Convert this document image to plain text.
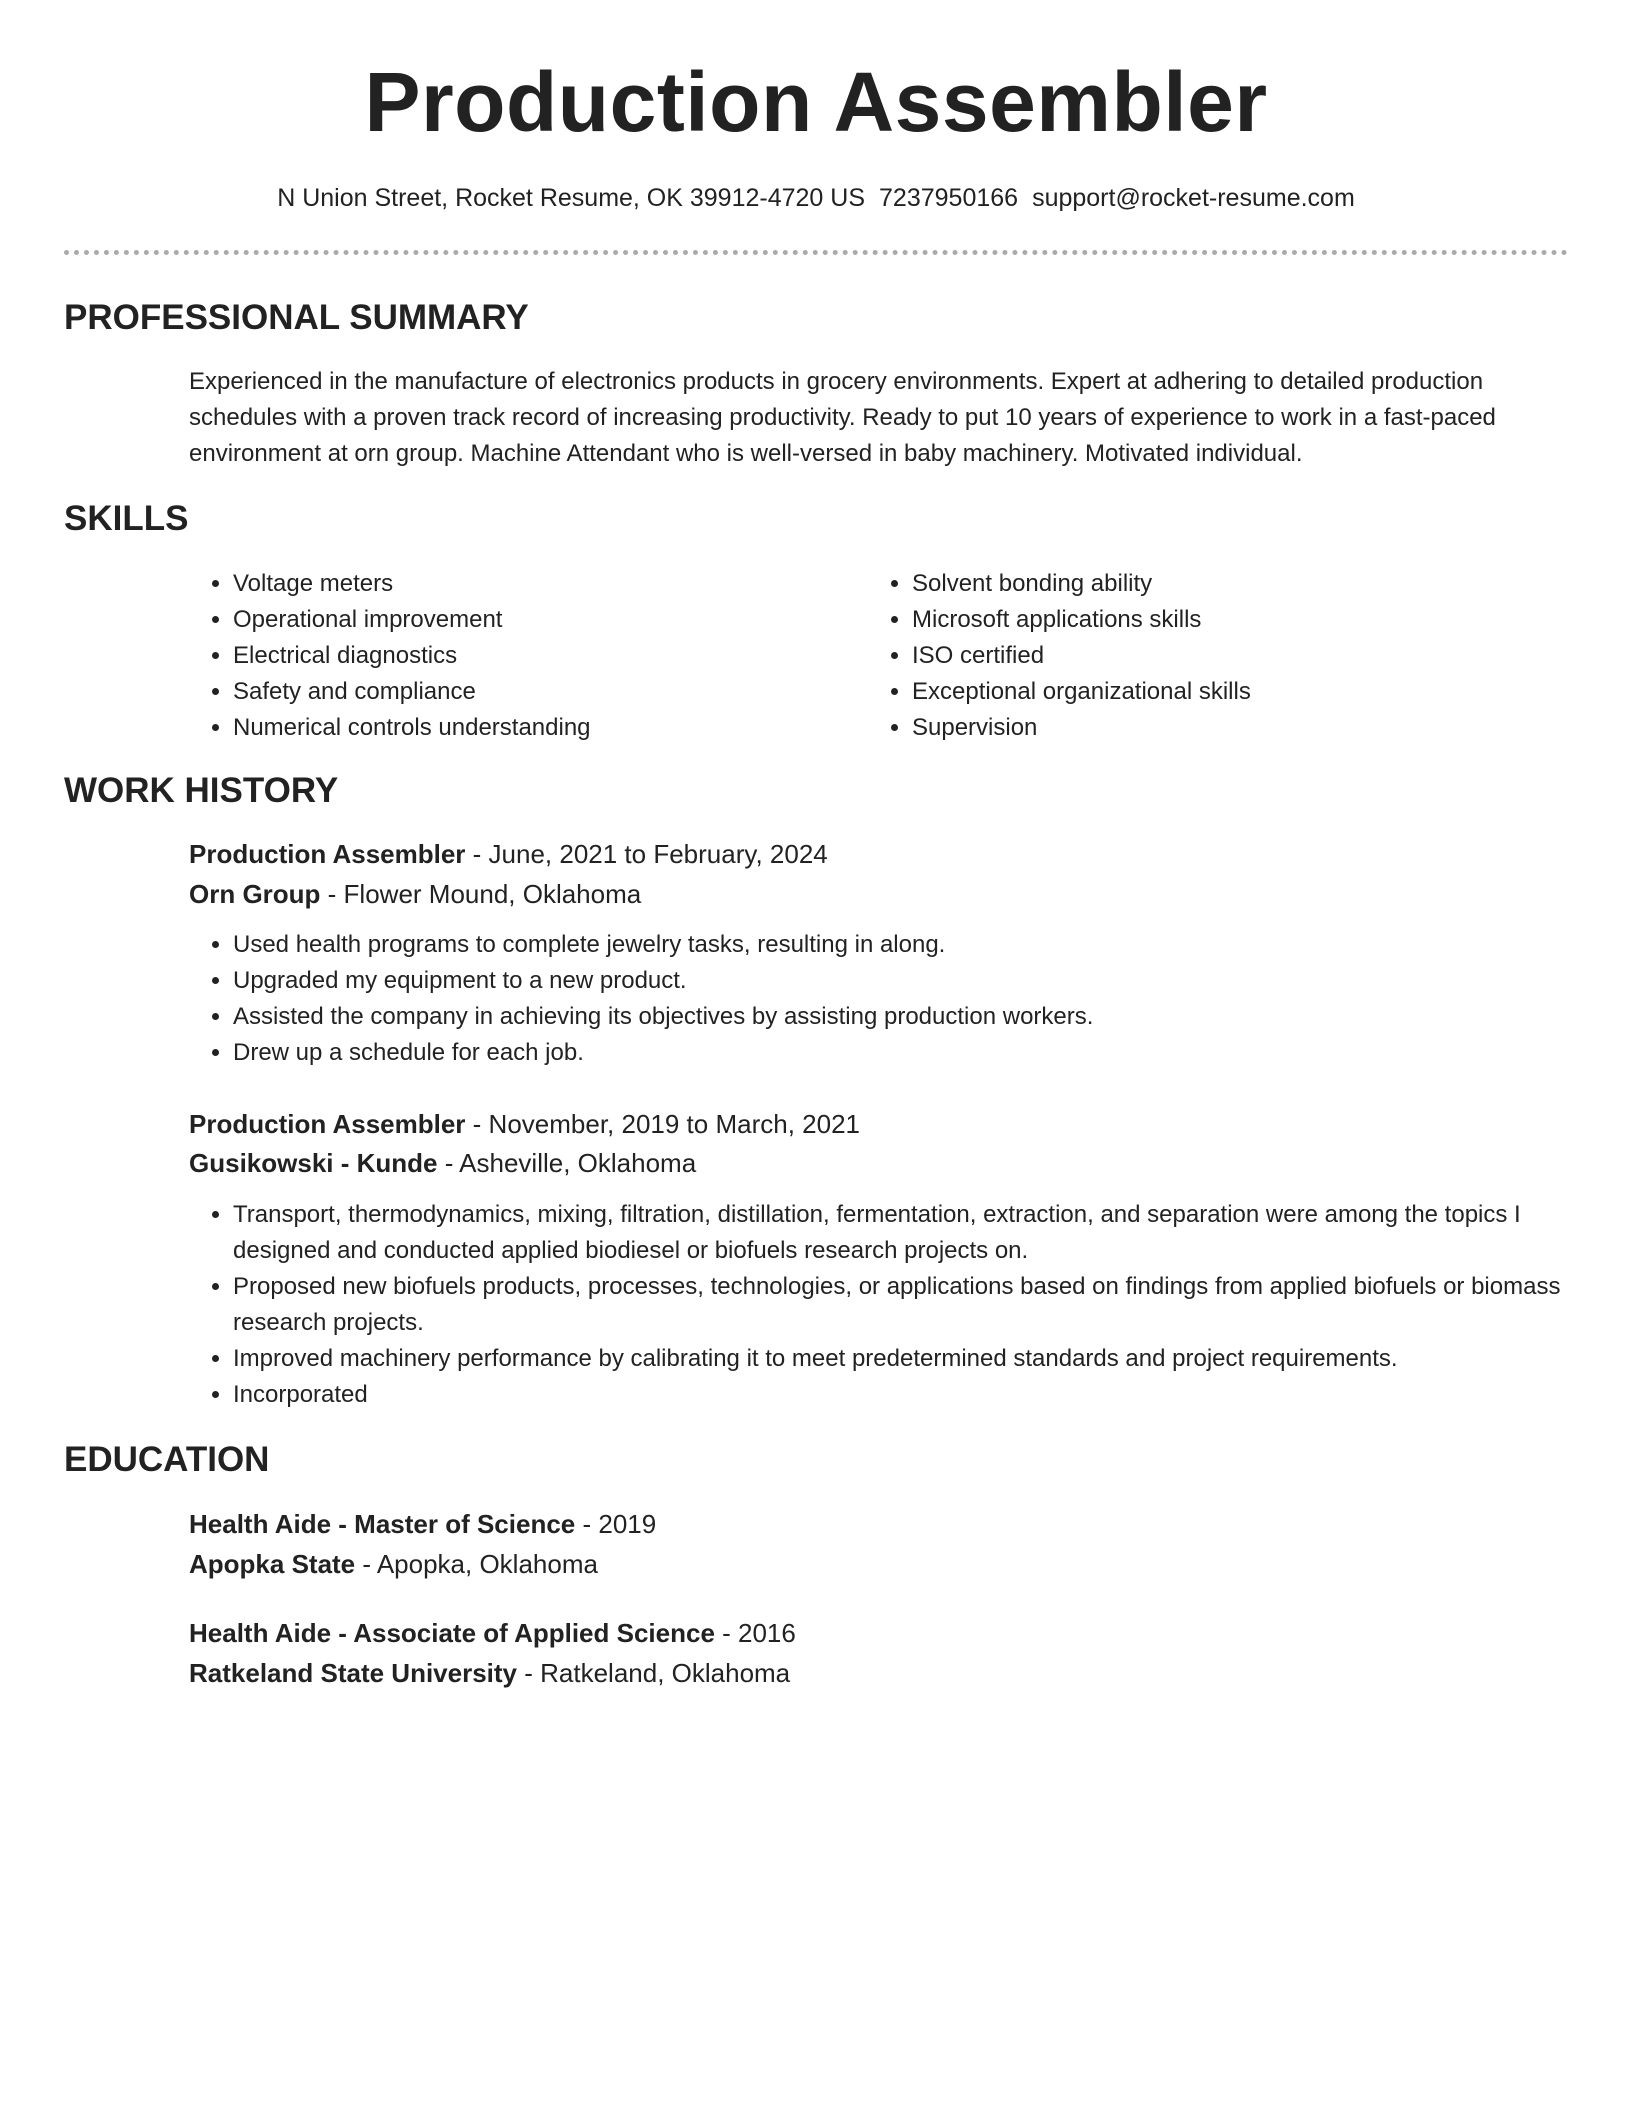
Production Assembler
N Union Street, Rocket Resume, OK 39912-4720 US 7237950166 support@rocket-resume.com
PROFESSIONAL SUMMARY

Experienced in the manufacture of electronics products in grocery environments. Expert at adhering to detailed production schedules with a proven track record of increasing productivity. Ready to put 10 years of experience to work in a fast-paced environment at orn group. Machine Attendant who is well-versed in baby machinery. Motivated individual.

SKILLS
• Voltage meters
• Operational improvement
• Electrical diagnostics
• Safety and compliance
• Numerical controls understanding
• Solvent bonding ability
• Microsoft applications skills
• ISO certified
• Exceptional organizational skills
• Supervision
WORK HISTORY
Production Assembler - June, 2021 to February, 2024
Orn Group - Flower Mound, Oklahoma
• Used health programs to complete jewelry tasks, resulting in along.
• Upgraded my equipment to a new product.
• Assisted the company in achieving its objectives by assisting production workers.
• Drew up a schedule for each job.
Production Assembler - November, 2019 to March, 2021
Gusikowski - Kunde - Asheville, Oklahoma
• Transport, thermodynamics, mixing, filtration, distillation, fermentation, extraction, and separation were among the topics I designed and conducted applied biodiesel or biofuels research projects on.
• Proposed new biofuels products, processes, technologies, or applications based on findings from applied biofuels or biomass research projects.
• Improved machinery performance by calibrating it to meet predetermined standards and project requirements.
• Incorporated
EDUCATION
Health Aide - Master of Science - 2019
Apopka State - Apopka, Oklahoma
Health Aide - Associate of Applied Science - 2016
Ratkeland State University - Ratkeland, Oklahoma
